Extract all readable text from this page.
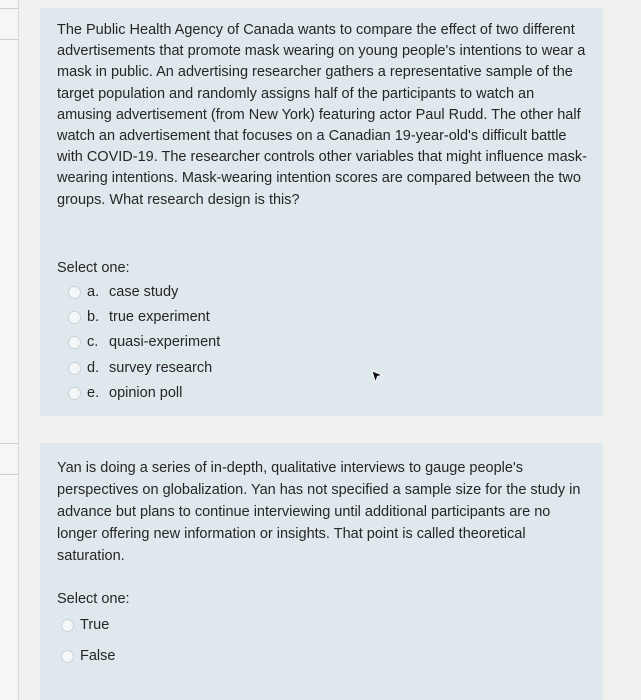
The Public Health Agency of Canada wants to compare the effect of two different advertisements that promote mask wearing on young people's intentions to wear a mask in public. An advertising researcher gathers a representative sample of the target population and randomly assigns half of the participants to watch an amusing advertisement (from New York) featuring actor Paul Rudd. The other half watch an advertisement that focuses on a Canadian 19-year-old's difficult battle with COVID-19. The researcher controls other variables that might influence mask-wearing intentions. Mask-wearing intention scores are compared between the two groups. What research design is this?
Select one:
a. case study
b. true experiment
c. quasi-experiment
d. survey research
e. opinion poll
Yan is doing a series of in-depth, qualitative interviews to gauge people's perspectives on globalization. Yan has not specified a sample size for the study in advance but plans to continue interviewing until additional participants are no longer offering new information or insights. That point is called theoretical saturation.
Select one:
True
False
